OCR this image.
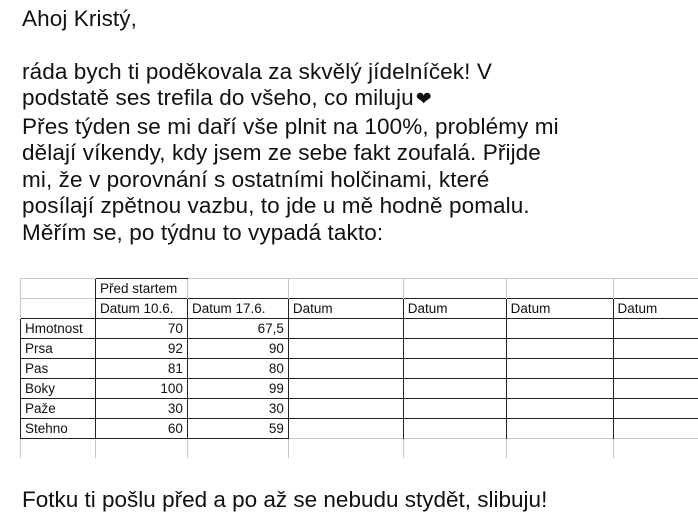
Ahoj Kristý,

ráda bych ti poděkovala za skvělý jídelníček! V

podstatě ses trefila do všeho, co miluju ❤

Přes týden se mi daří vše plnit na 100%, problémy mi

dělají víkendy, kdy jsem ze sebe fakt zoufalá. Přijde

mi, že v porovnání s ostatními holčinami, které

posílají zpětnou vazbu, to jde u mě hodně pomalu.

Měřím se, po týdnu to vypadá takto:

	Před startem					
	Datum 10.6.	Datum 17.6.	Datum	Datum	Datum	Datum
Hmotnost	70	67,5				
Prsa	92	90				
Pas	81	80				
Boky	100	99				
Paže	30	30				
Stehno	60	59				

Fotku ti pošlu před a po až se nebudu stydět, slibuju!
